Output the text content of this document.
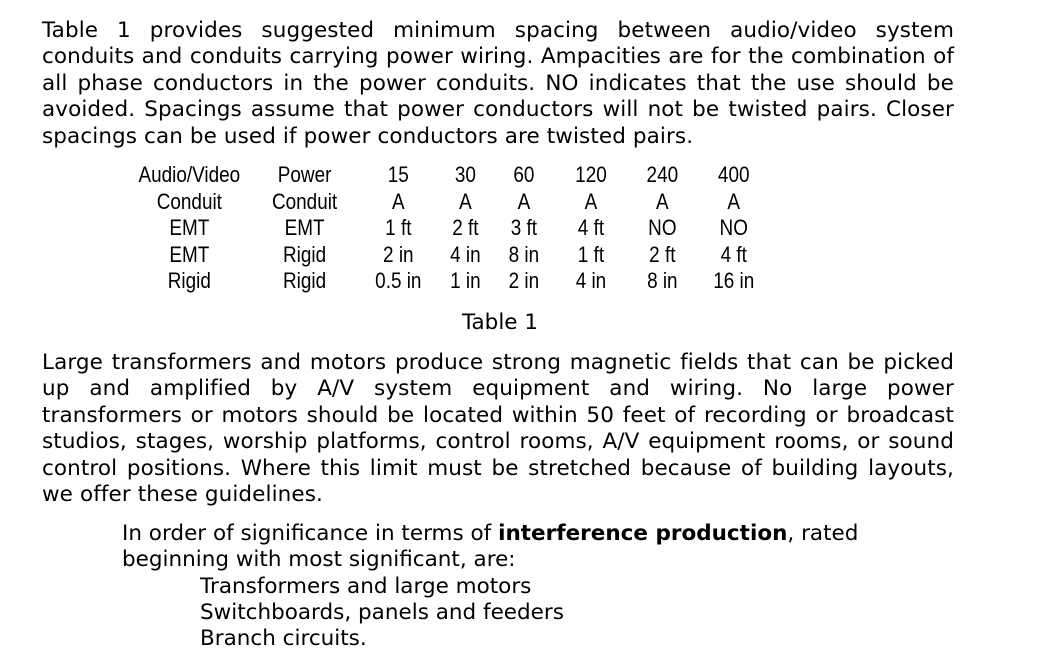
Table 1 provides suggested minimum spacing between audio/video system conduits and conduits carrying power wiring. Ampacities are for the combination of all phase conductors in the power conduits. NO indicates that the use should be avoided. Spacings assume that power conductors will not be twisted pairs. Closer spacings can be used if power conductors are twisted pairs.
Audio/Video	Power	15	30	60	120	240	400
Conduit	Conduit	A	A	A	A	A	A
EMT	EMT	1 ft	2 ft	3 ft	4 ft	NO	NO
EMT	Rigid	2 in	4 in	8 in	1 ft	2 ft	4 ft
Rigid	Rigid	0.5 in	1 in	2 in	4 in	8 in	16 in
Table 1
Large transformers and motors produce strong magnetic fields that can be picked up and amplified by A/V system equipment and wiring. No large power transformers or motors should be located within 50 feet of recording or broadcast studios, stages, worship platforms, control rooms, A/V equipment rooms, or sound control positions. Where this limit must be stretched because of building layouts, we offer these guidelines.
In order of significance in terms of interference production, rated beginning with most significant, are:
Transformers and large motors
Switchboards, panels and feeders
Branch circuits.
